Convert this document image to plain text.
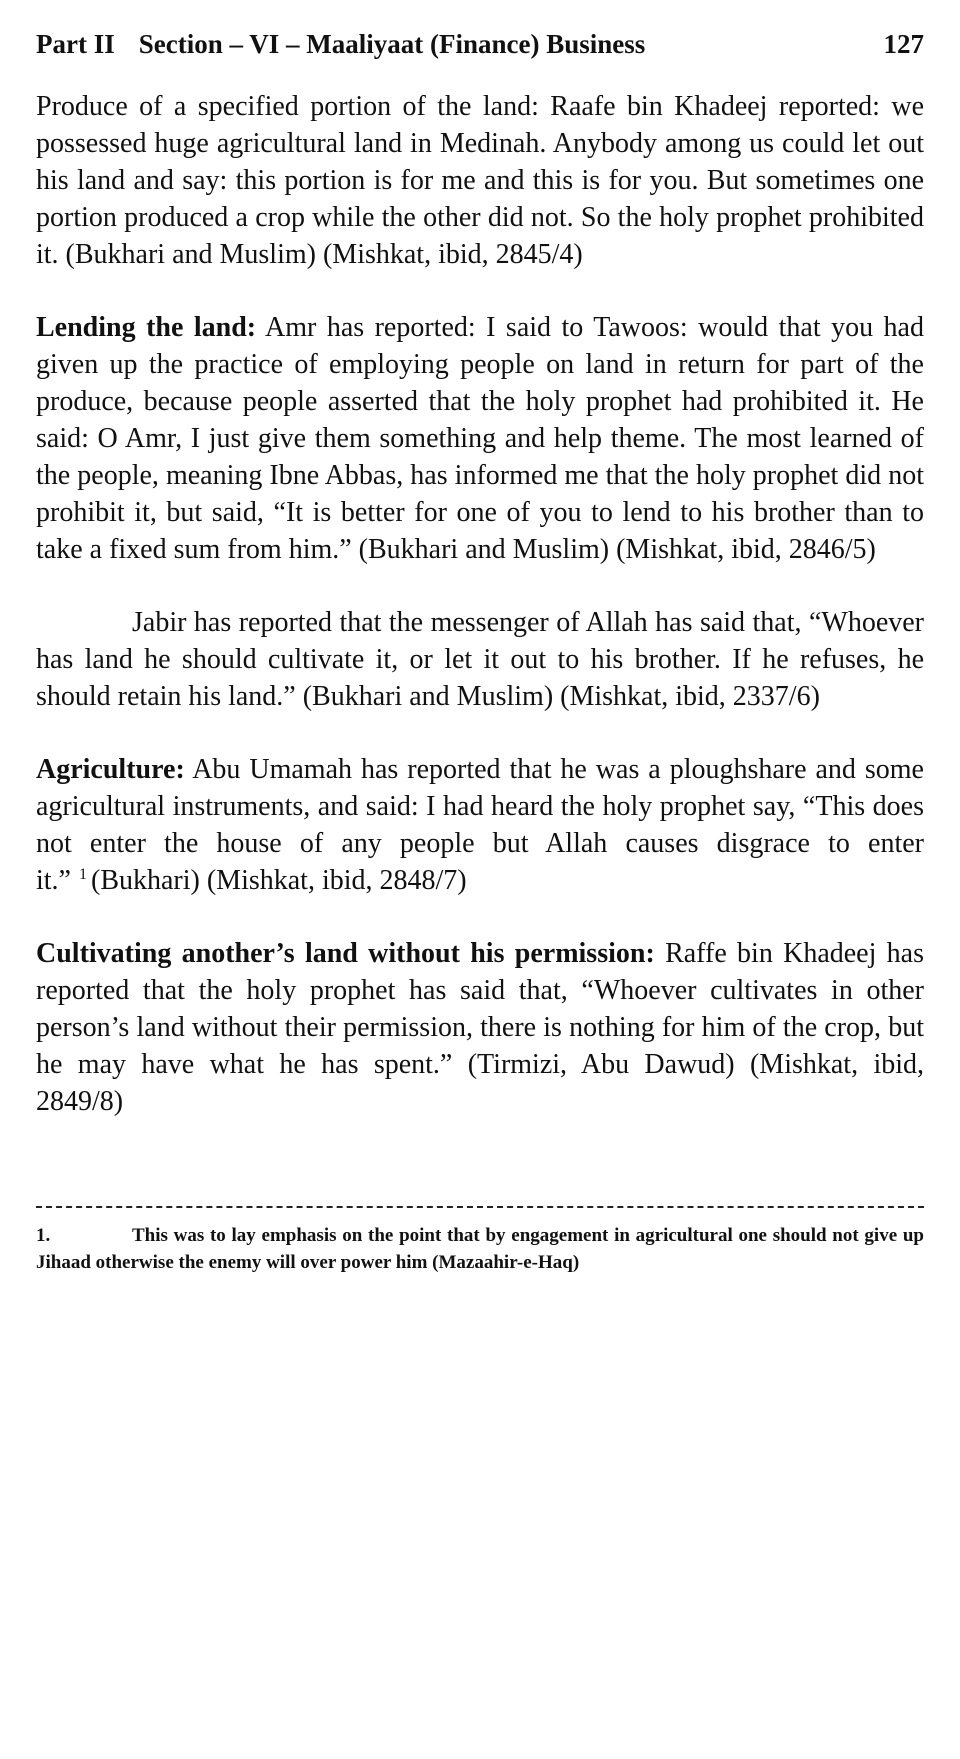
Part II Section – VI – Maaliyaat (Finance) Business	127

Produce of a specified portion of the land: Raafe bin Khadeej reported: we possessed huge agricultural land in Medinah. Anybody among us could let out his land and say: this portion is for me and this is for you. But sometimes one portion produced a crop while the other did not. So the holy prophet prohibited it. (Bukhari and Muslim) (Mishkat, ibid, 2845/4)

Lending the land: Amr has reported: I said to Tawoos: would that you had given up the practice of employing people on land in return for part of the produce, because people asserted that the holy prophet had prohibited it. He said: O Amr, I just give them something and help theme. The most learned of the people, meaning Ibne Abbas, has informed me that the holy prophet did not prohibit it, but said, “It is better for one of you to lend to his brother than to take a fixed sum from him.” (Bukhari and Muslim) (Mishkat, ibid, 2846/5)

Jabir has reported that the messenger of Allah has said that, “Whoever has land he should cultivate it, or let it out to his brother. If he refuses, he should retain his land.” (Bukhari and Muslim) (Mishkat, ibid, 2337/6)

Agriculture: Abu Umamah has reported that he was a ploughshare and some agricultural instruments, and said: I had heard the holy prophet say, “This does not enter the house of any people but Allah causes disgrace to enter it.” $^1$ (Bukhari) (Mishkat, ibid, 2848/7)

Cultivating another’s land without his permission: Raffe bin Khadeej has reported that the holy prophet has said that, “Whoever cultivates in other person’s land without their permission, there is nothing for him of the crop, but he may have what he has spent.” (Tirmizi, Abu Dawud) (Mishkat, ibid, 2849/8)

1.	This was to lay emphasis on the point that by engagement in agricultural one should not give up Jihaad otherwise the enemy will over power him (Mazaahir-e-Haq)
